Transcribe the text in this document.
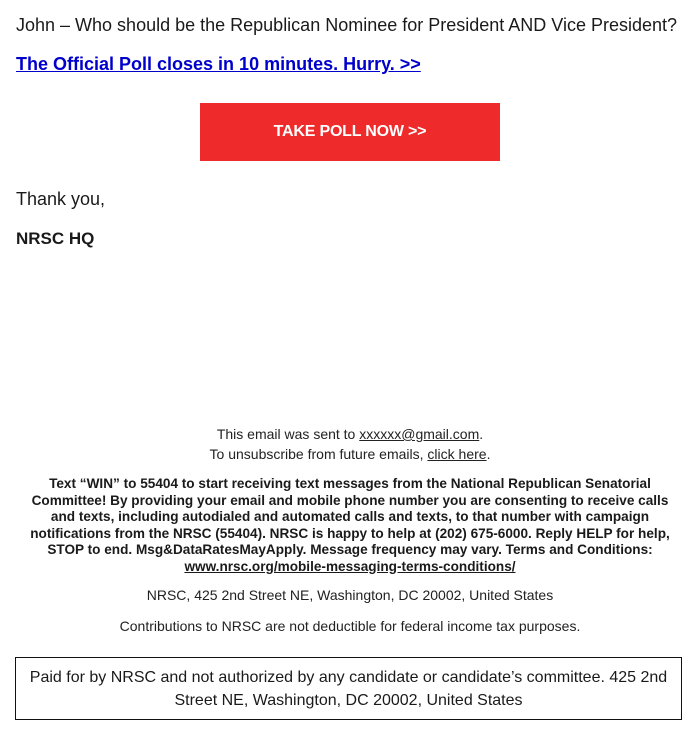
John – Who should be the Republican Nominee for President AND Vice President?
The Official Poll closes in 10 minutes. Hurry. >>
TAKE POLL NOW >>
Thank you,
NRSC HQ
This email was sent to xxxxxx@gmail.com.
To unsubscribe from future emails, click here.
Text “WIN” to 55404 to start receiving text messages from the National Republican Senatorial Committee! By providing your email and mobile phone number you are consenting to receive calls and texts, including autodialed and automated calls and texts, to that number with campaign notifications from the NRSC (55404). NRSC is happy to help at (202) 675-6000. Reply HELP for help, STOP to end. Msg&DataRatesMayApply. Message frequency may vary. Terms and Conditions:
www.nrsc.org/mobile-messaging-terms-conditions/
NRSC, 425 2nd Street NE, Washington, DC 20002, United States
Contributions to NRSC are not deductible for federal income tax purposes.
Paid for by NRSC and not authorized by any candidate or candidate’s committee. 425 2nd Street NE, Washington, DC 20002, United States
